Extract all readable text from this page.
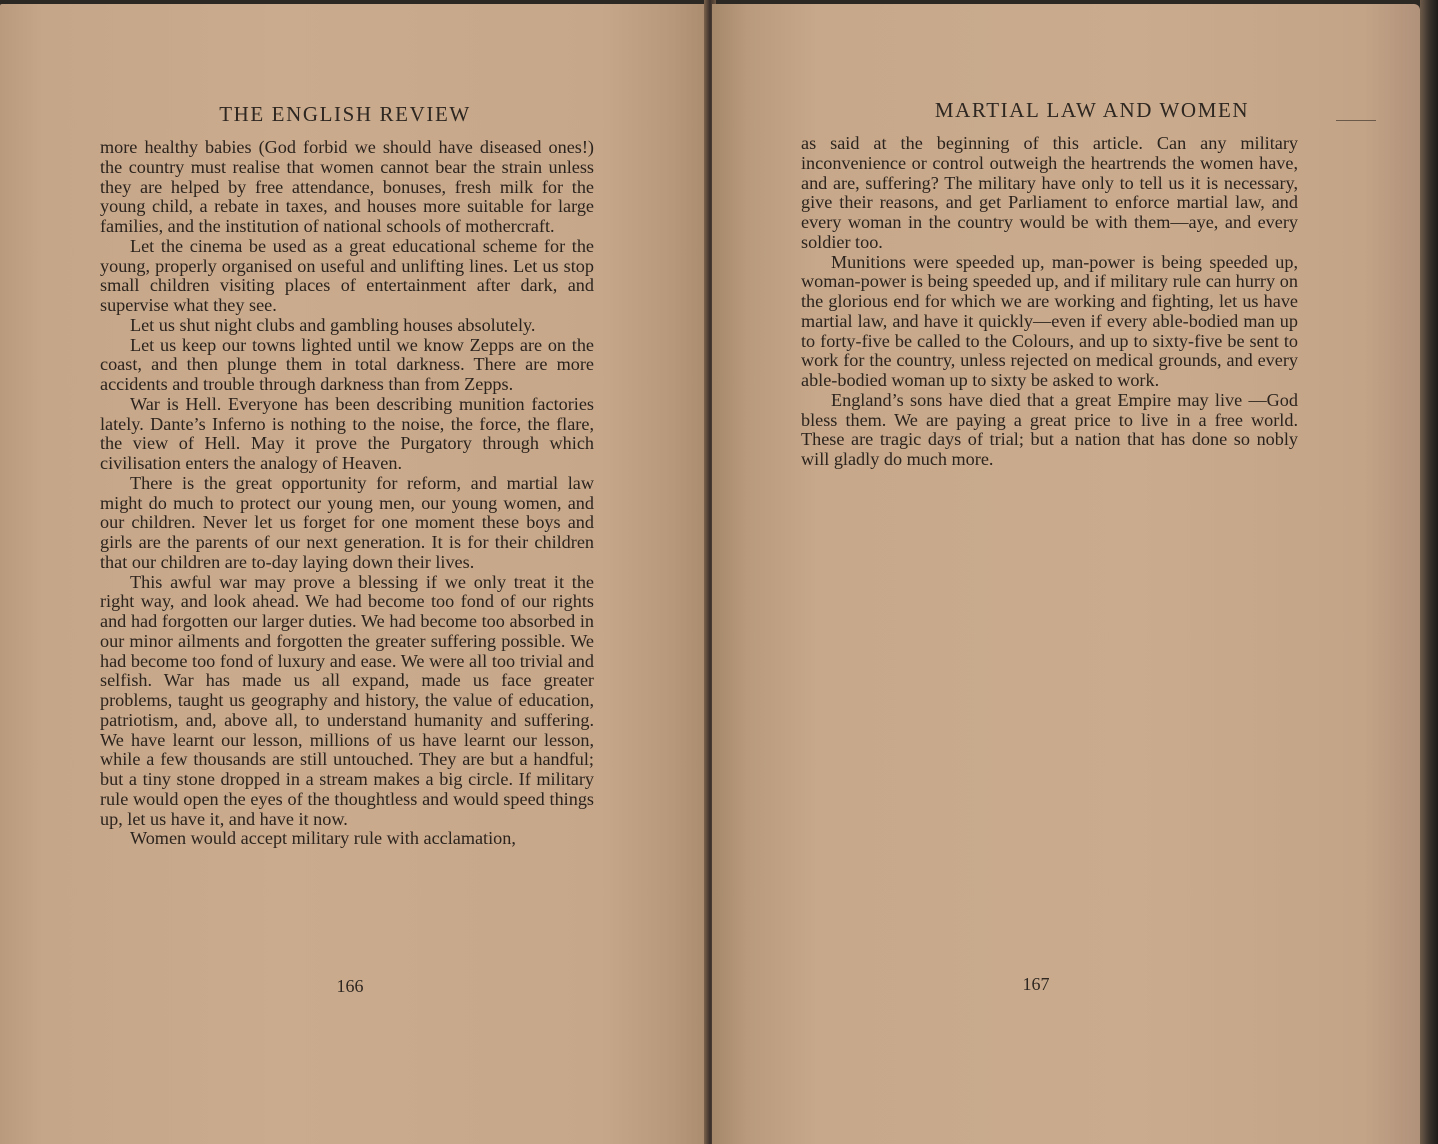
THE ENGLISH REVIEW

more healthy babies (God forbid we should have diseased ones!) the country must realise that women cannot bear the strain unless they are helped by free attendance, bonuses, fresh milk for the young child, a rebate in taxes, and houses more suitable for large families, and the institution of national schools of mothercraft.

Let the cinema be used as a great educational scheme for the young, properly organised on useful and unlifting lines. Let us stop small children visiting places of entertainment after dark, and supervise what they see.

Let us shut night clubs and gambling houses absolutely.

Let us keep our towns lighted until we know Zepps are on the coast, and then plunge them in total darkness. There are more accidents and trouble through darkness than from Zepps.

War is Hell. Everyone has been describing munition factories lately. Dante’s Inferno is nothing to the noise, the force, the flare, the view of Hell. May it prove the Purgatory through which civilisation enters the analogy of Heaven.

There is the great opportunity for reform, and martial law might do much to protect our young men, our young women, and our children. Never let us forget for one moment these boys and girls are the parents of our next generation. It is for their children that our children are to-day laying down their lives.

This awful war may prove a blessing if we only treat it the right way, and look ahead. We had become too fond of our rights and had forgotten our larger duties. We had become too absorbed in our minor ailments and forgotten the greater suffering possible. We had become too fond of luxury and ease. We were all too trivial and selfish. War has made us all expand, made us face greater problems, taught us geography and history, the value of education, patriotism, and, above all, to understand humanity and suffering. We have learnt our lesson, millions of us have learnt our lesson, while a few thousands are still untouched. They are but a handful; but a tiny stone dropped in a stream makes a big circle. If military rule would open the eyes of the thoughtless and would speed things up, let us have it, and have it now.

Women would accept military rule with acclamation,

166
MARTIAL LAW AND WOMEN

as said at the beginning of this article. Can any military inconvenience or control outweigh the heartrends the women have, and are, suffering? The military have only to tell us it is necessary, give their reasons, and get Parliament to enforce martial law, and every woman in the country would be with them—aye, and every soldier too.

Munitions were speeded up, man-power is being speeded up, woman-power is being speeded up, and if military rule can hurry on the glorious end for which we are working and fighting, let us have martial law, and have it quickly—even if every able-bodied man up to forty-five be called to the Colours, and up to sixty-five be sent to work for the country, unless rejected on medical grounds, and every able-bodied woman up to sixty be asked to work.

England’s sons have died that a great Empire may live —God bless them. We are paying a great price to live in a free world. These are tragic days of trial; but a nation that has done so nobly will gladly do much more.

167
